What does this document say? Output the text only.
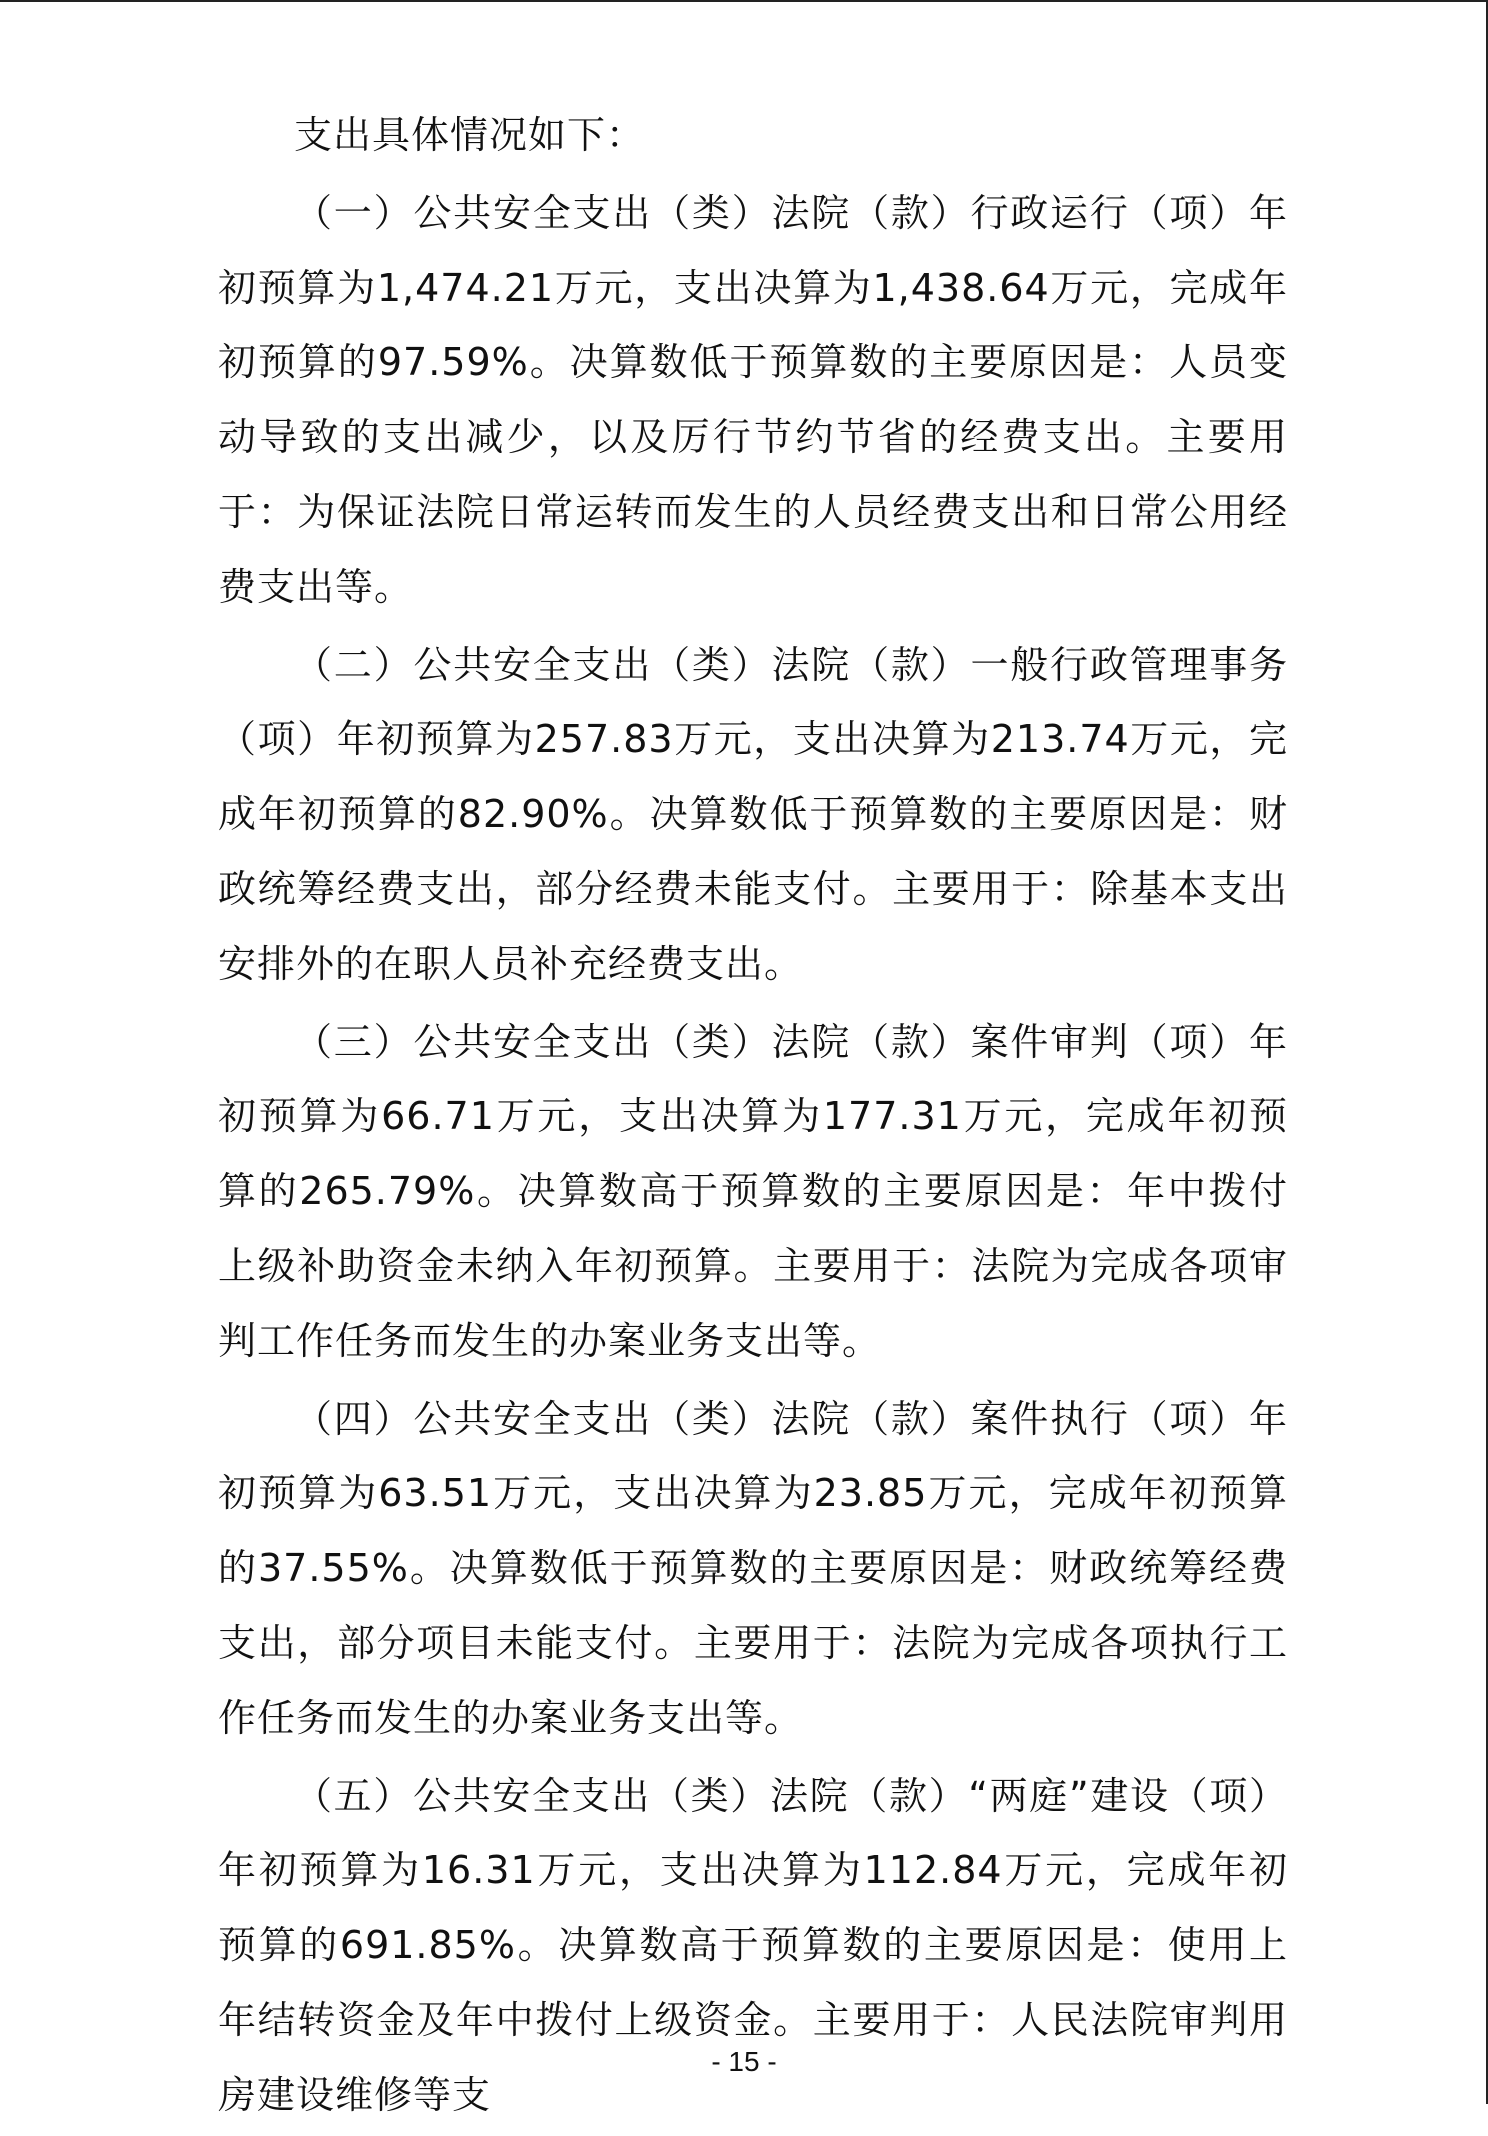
支出具体情况如下：

（一）公共安全支出（类）法院（款）行政运行（项）年初预算为1,474.21万元，支出决算为1,438.64万元，完成年初预算的97.59%。决算数低于预算数的主要原因是：人员变动导致的支出减少，以及厉行节约节省的经费支出。主要用于：为保证法院日常运转而发生的人员经费支出和日常公用经费支出等。

（二）公共安全支出（类）法院（款）一般行政管理事务（项）年初预算为257.83万元，支出决算为213.74万元，完成年初预算的82.90%。决算数低于预算数的主要原因是：财政统筹经费支出，部分经费未能支付。主要用于：除基本支出安排外的在职人员补充经费支出。

（三）公共安全支出（类）法院（款）案件审判（项）年初预算为66.71万元，支出决算为177.31万元，完成年初预算的265.79%。决算数高于预算数的主要原因是：年中拨付上级补助资金未纳入年初预算。主要用于：法院为完成各项审判工作任务而发生的办案业务支出等。

（四）公共安全支出（类）法院（款）案件执行（项）年初预算为63.51万元，支出决算为23.85万元，完成年初预算的37.55%。决算数低于预算数的主要原因是：财政统筹经费支出，部分项目未能支付。主要用于：法院为完成各项执行工作任务而发生的办案业务支出等。

（五）公共安全支出（类）法院（款）“两庭”建设（项）年初预算为16.31万元，支出决算为112.84万元，完成年初预算的691.85%。决算数高于预算数的主要原因是：使用上年结转资金及年中拨付上级资金。主要用于：人民法院审判用房建设维修等支

- 15 -
